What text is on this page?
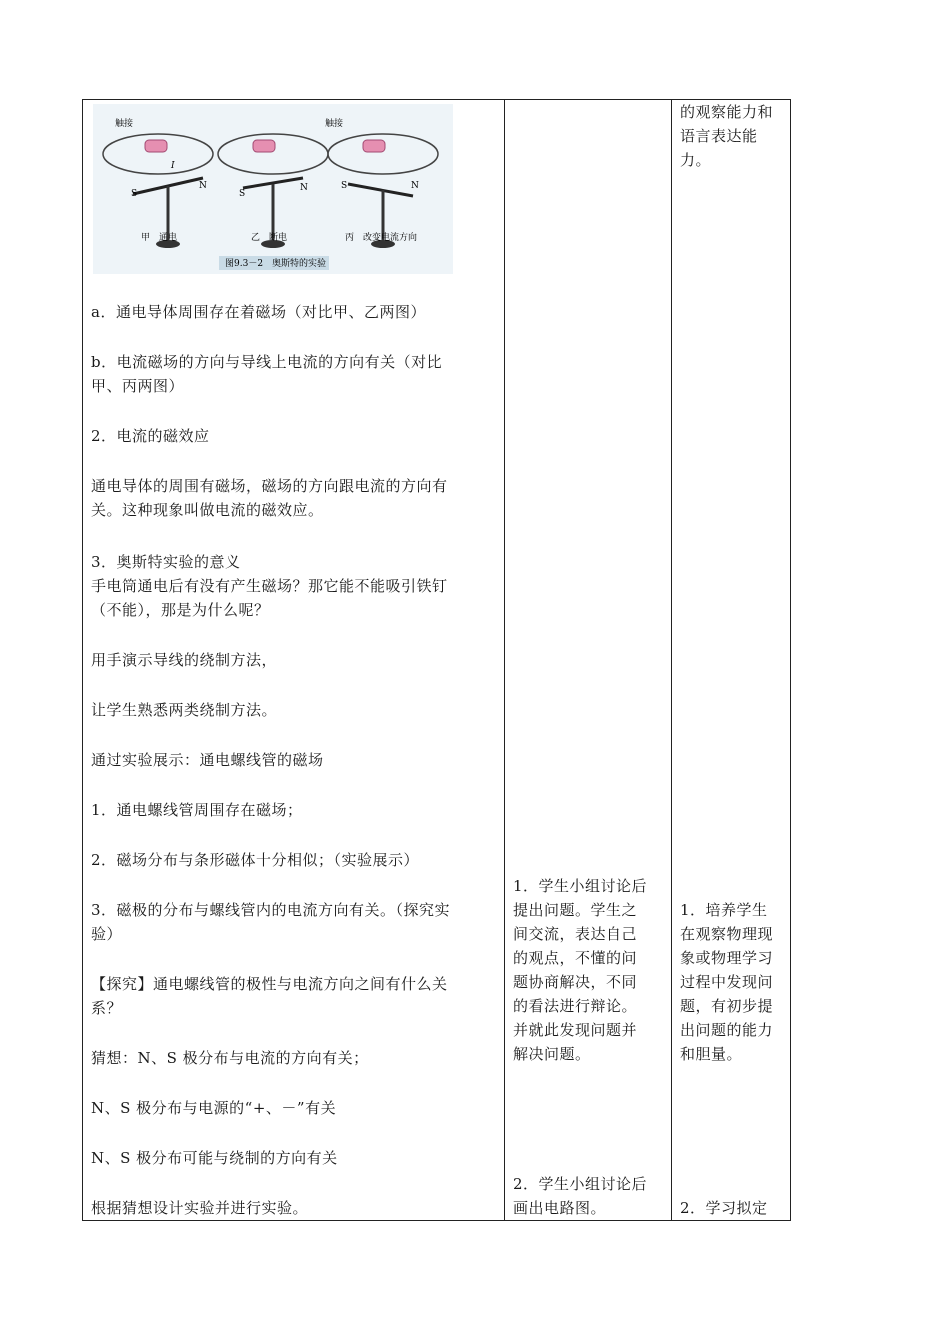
触接
S
N
I
甲　通电
S
N
乙　断电
触接
S	N
丙　改变电流方向
图9.3－2　奥斯特的实验

a．通电导体周围存在着磁场（对比甲、乙两图）

b．电流磁场的方向与导线上电流的方向有关（对比
甲、丙两图）

2．电流的磁效应

通电导体的周围有磁场，磁场的方向跟电流的方向有
关。这种现象叫做电流的磁效应。

3．奥斯特实验的意义
手电筒通电后有没有产生磁场？那它能不能吸引铁钉
（不能），那是为什么呢？

用手演示导线的绕制方法，

让学生熟悉两类绕制方法。

通过实验展示：通电螺线管的磁场

1．通电螺线管周围存在磁场；

2．磁场分布与条形磁体十分相似；（实验展示）

3．磁极的分布与螺线管内的电流方向有关。（探究实
验）

【探究】通电螺线管的极性与电流方向之间有什么关
系？

猜想：N、S 极分布与电流的方向有关；

N、S 极分布与电源的“+、－”有关

N、S 极分布可能与绕制的方向有关

根据猜想设计实验并进行实验。

1．学生小组讨论后
提出问题。学生之
间交流，表达自己
的观点，不懂的问
题协商解决，不同
的看法进行辩论。
并就此发现问题并
解决问题。

2．学生小组讨论后
画出电路图。

的观察能力和
语言表达能
力。

1．培养学生
在观察物理现
象或物理学习
过程中发现问
题，有初步提
出问题的能力
和胆量。

2．学习拟定
